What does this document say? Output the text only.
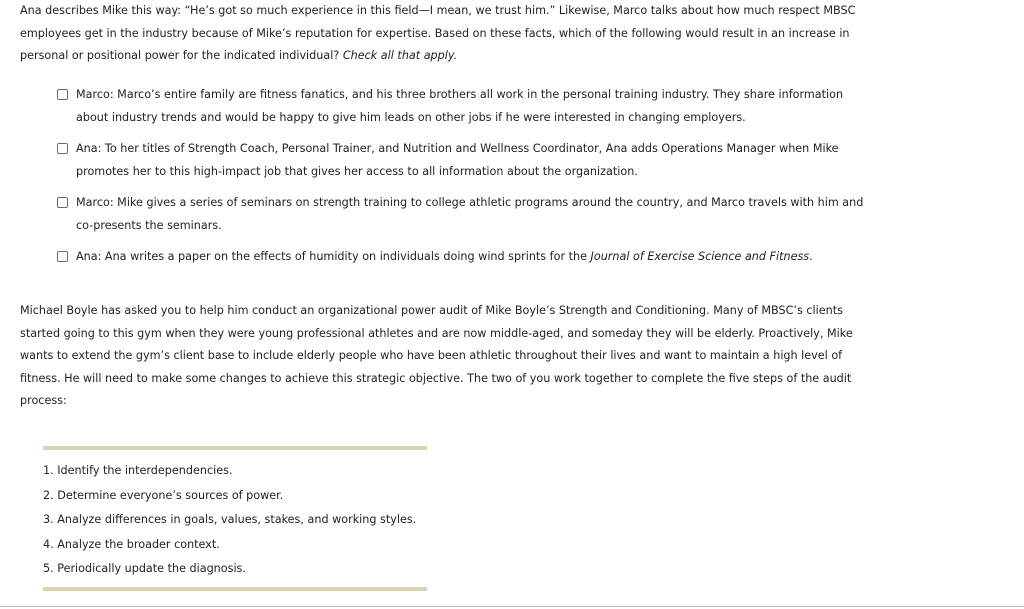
Ana describes Mike this way: “He’s got so much experience in this field—I mean, we trust him.” Likewise, Marco talks about how much respect MBSC employees get in the industry because of Mike’s reputation for expertise. Based on these facts, which of the following would result in an increase in personal or positional power for the indicated individual? Check all that apply.

Marco: Marco’s entire family are fitness fanatics, and his three brothers all work in the personal training industry. They share information about industry trends and would be happy to give him leads on other jobs if he were interested in changing employers.
Ana: To her titles of Strength Coach, Personal Trainer, and Nutrition and Wellness Coordinator, Ana adds Operations Manager when Mike promotes her to this high-impact job that gives her access to all information about the organization.
Marco: Mike gives a series of seminars on strength training to college athletic programs around the country, and Marco travels with him and co-presents the seminars.
Ana: Ana writes a paper on the effects of humidity on individuals doing wind sprints for the Journal of Exercise Science and Fitness.

Michael Boyle has asked you to help him conduct an organizational power audit of Mike Boyle’s Strength and Conditioning. Many of MBSC’s clients started going to this gym when they were young professional athletes and are now middle-aged, and someday they will be elderly. Proactively, Mike wants to extend the gym’s client base to include elderly people who have been athletic throughout their lives and want to maintain a high level of fitness. He will need to make some changes to achieve this strategic objective. The two of you work together to complete the five steps of the audit process:

1. Identify the interdependencies.
2. Determine everyone’s sources of power.
3. Analyze differences in goals, values, stakes, and working styles.
4. Analyze the broader context.
5. Periodically update the diagnosis.
